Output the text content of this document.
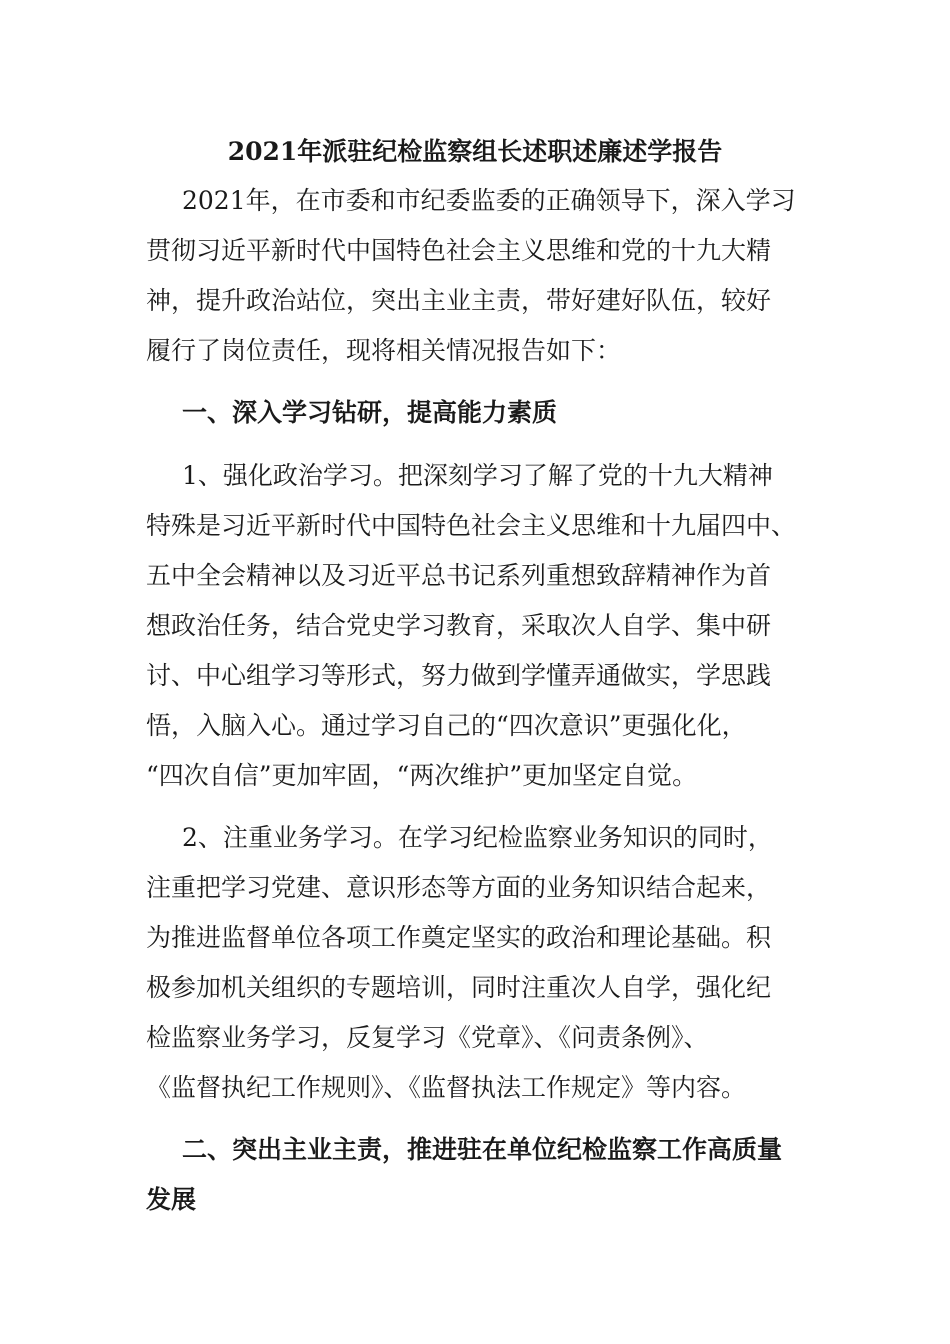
2021年派驻纪检监察组长述职述廉述学报告
2021年，在市委和市纪委监委的正确领导下，深入学习
贯彻习近平新时代中国特色社会主义思维和党的十九大精
神，提升政治站位，突出主业主责，带好建好队伍，较好
履行了岗位责任，现将相关情况报告如下：
一、深入学习钻研，提高能力素质
1、强化政治学习。把深刻学习了解了党的十九大精神
特殊是习近平新时代中国特色社会主义思维和十九届四中、
五中全会精神以及习近平总书记系列重想致辞精神作为首
想政治任务，结合党史学习教育，采取次人自学、集中研
讨、中心组学习等形式，努力做到学懂弄通做实，学思践
悟，入脑入心。通过学习自己的“四次意识”更强化化，
“四次自信”更加牢固，“两次维护”更加坚定自觉。
2、注重业务学习。在学习纪检监察业务知识的同时，
注重把学习党建、意识形态等方面的业务知识结合起来，
为推进监督单位各项工作奠定坚实的政治和理论基础。积
极参加机关组织的专题培训，同时注重次人自学，强化纪
检监察业务学习，反复学习《党章》、《问责条例》、
《监督执纪工作规则》、《监督执法工作规定》等内容。
二、突出主业主责，推进驻在单位纪检监察工作高质量
发展
